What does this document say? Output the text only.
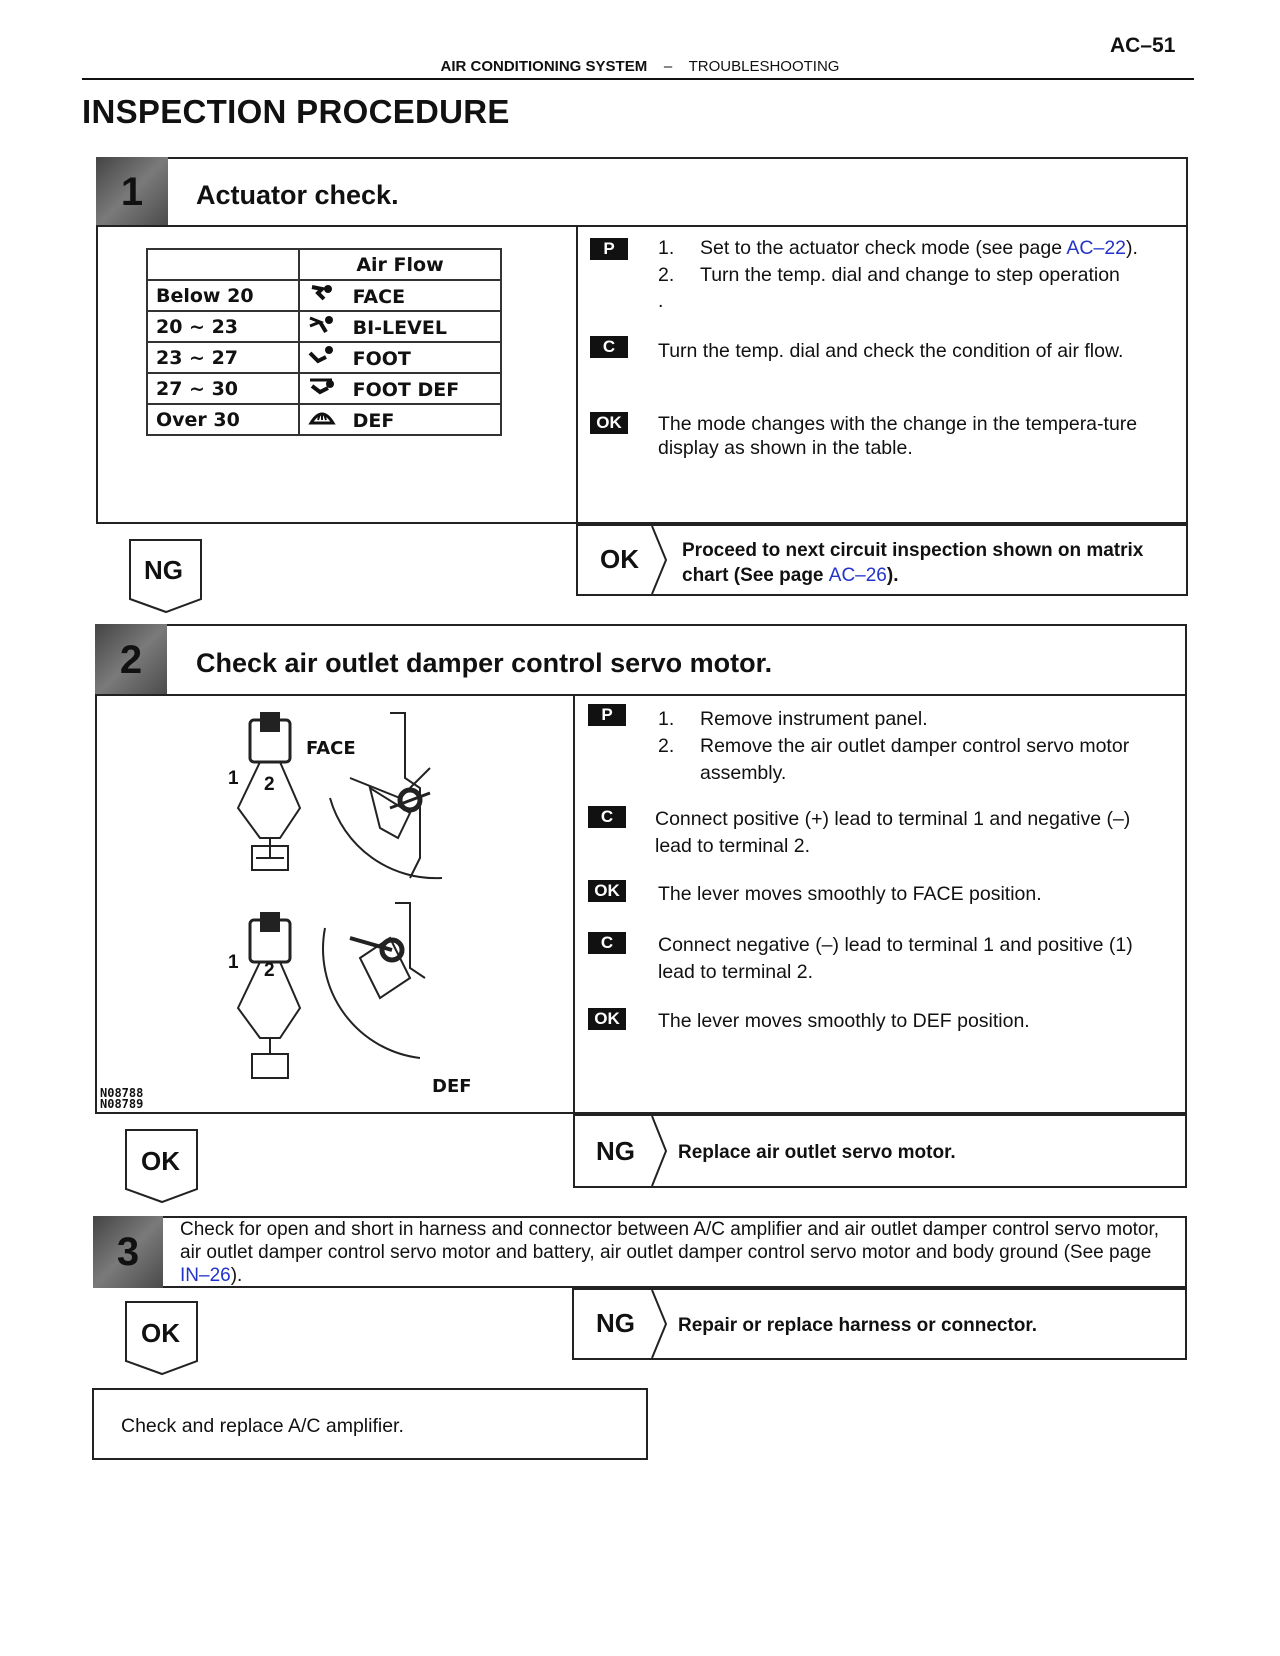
AC–51
AIR CONDITIONING SYSTEM – TROUBLESHOOTING
INSPECTION PROCEDURE
1	Actuator check.
	Air Flow
Below 20	FACE
20 ~ 23	BI-LEVEL
23 ~ 27	FOOT
27 ~ 30	FOOT DEF
Over 30	DEF
P	1. Set to the actuator check mode (see page AC–22).
2. Turn the temp. dial and change to step operation
.
C	Turn the temp. dial and check the condition of air flow.
OK	The mode changes with the change in the tempera-ture display as shown in the table.
NG	OK Proceed to next circuit inspection shown on matrix chart (See page AC–26).
2	Check air outlet damper control servo motor.
FACE
DEF
1 2
1 2
N08788
N08789
P	1. Remove instrument panel.
2. Remove the air outlet damper control servo motor assembly.
C	Connect positive (+) lead to terminal 1 and negative (–) lead to terminal 2.
OK	The lever moves smoothly to FACE position.
C	Connect negative (–) lead to terminal 1 and positive (1) lead to terminal 2.
OK	The lever moves smoothly to DEF position.
OK	NG Replace air outlet servo motor.
3
Check for open and short in harness and connector between A/C amplifier and air outlet damper control servo motor, air outlet damper control servo motor and battery, air outlet damper control servo motor and body ground (See page IN–26).
OK	NG Repair or replace harness or connector.
Check and replace A/C amplifier.
